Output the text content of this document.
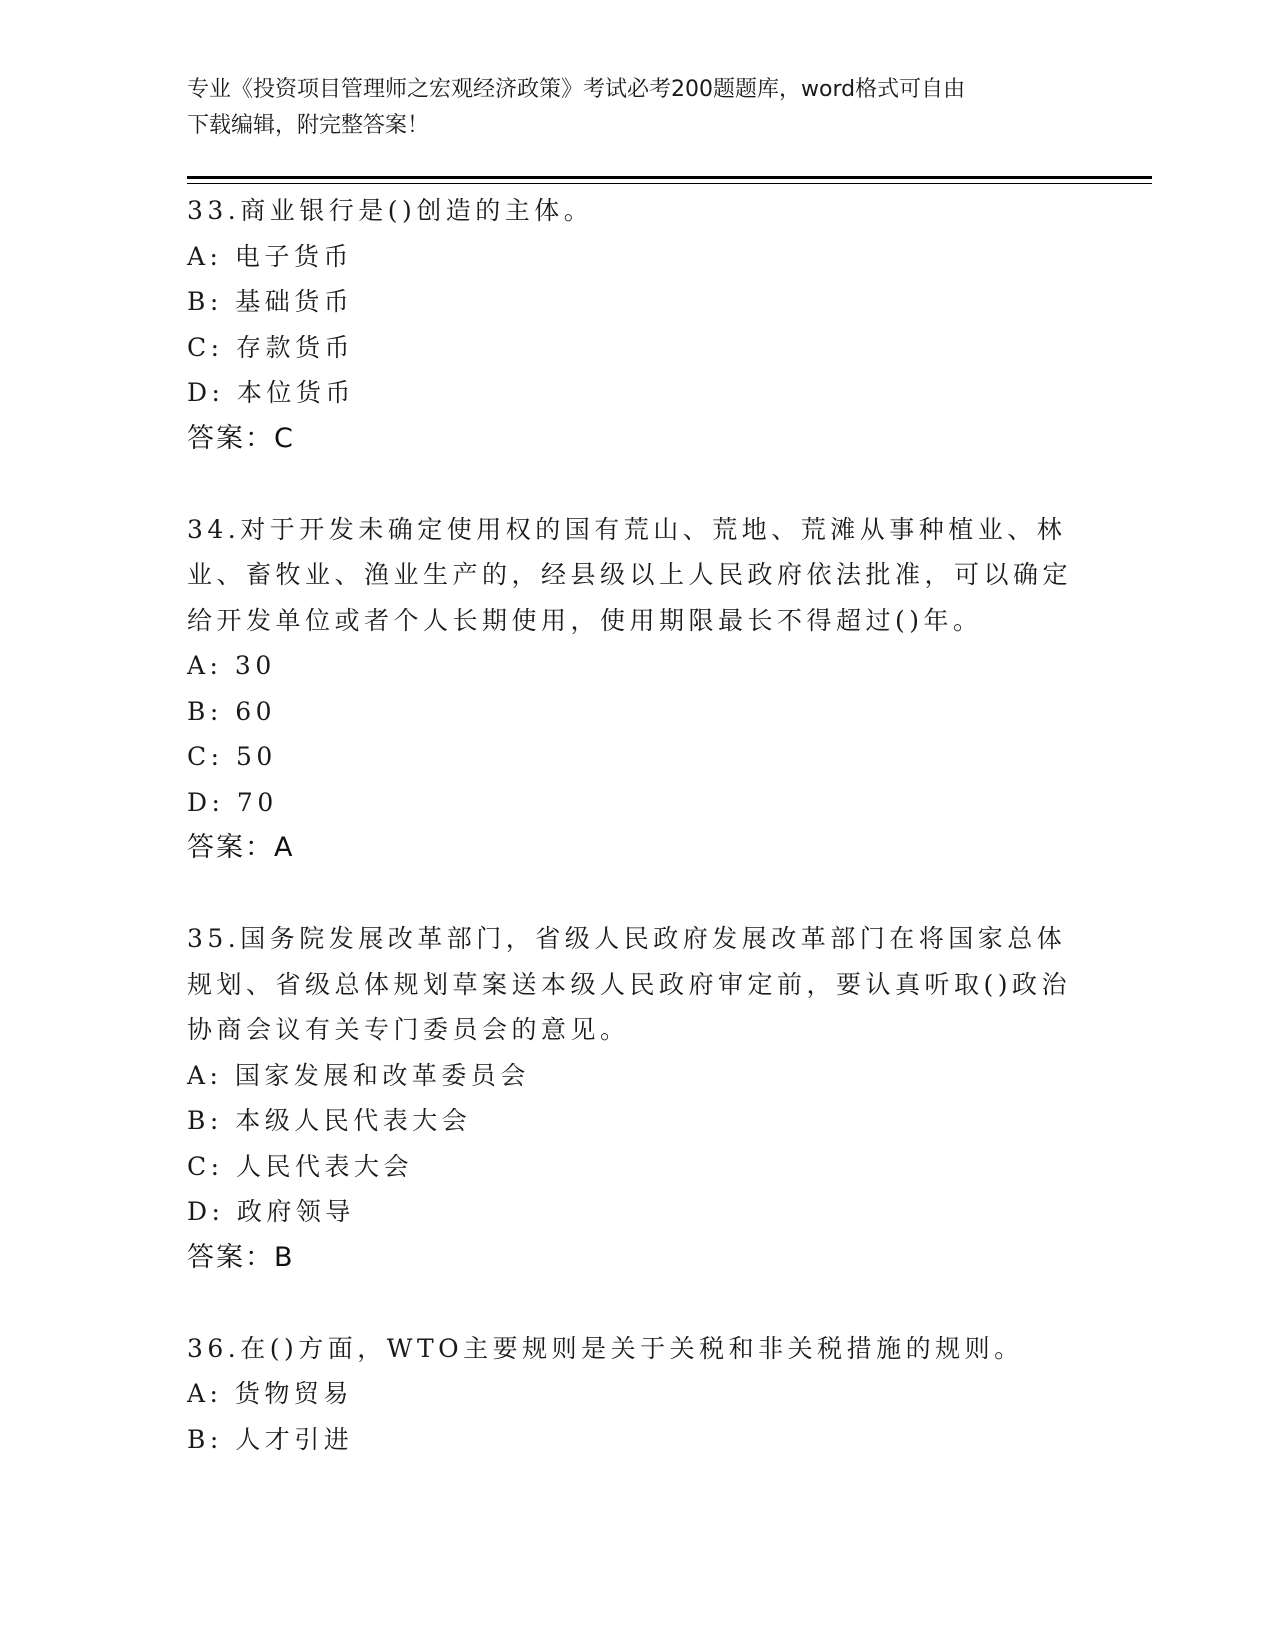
专业《投资项目管理师之宏观经济政策》考试必考200题题库，word格式可自由
下载编辑，附完整答案！
33.商业银行是()创造的主体。
A: 电子货币
B: 基础货币
C: 存款货币
D: 本位货币
答案：C
34.对于开发未确定使用权的国有荒山、荒地、荒滩从事种植业、林业、畜牧业、渔业生产的，经县级以上人民政府依法批准，可以确定给开发单位或者个人长期使用，使用期限最长不得超过()年。
A: 30
B: 60
C: 50
D: 70
答案：A
35.国务院发展改革部门，省级人民政府发展改革部门在将国家总体规划、省级总体规划草案送本级人民政府审定前，要认真听取()政治协商会议有关专门委员会的意见。
A: 国家发展和改革委员会
B: 本级人民代表大会
C: 人民代表大会
D: 政府领导
答案：B
36.在()方面，WTO主要规则是关于关税和非关税措施的规则。
A: 货物贸易
B: 人才引进
